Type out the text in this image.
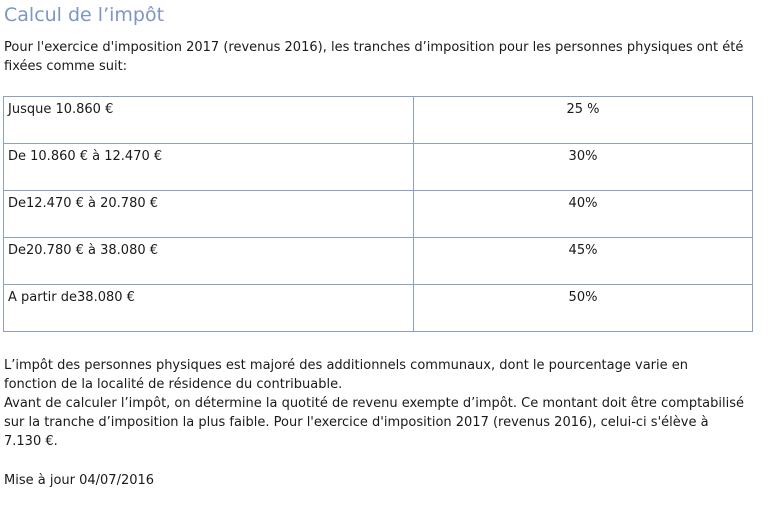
Calcul de l’impôt

Pour l'exercice d'imposition 2017 (revenus 2016), les tranches d’imposition pour les personnes physiques ont été fixées comme suit:

Jusque 10.860 €	25 %
De 10.860 € à 12.470 €	30%
De12.470 € à 20.780 €	40%
De20.780 € à 38.080 €	45%
A partir de38.080 €	50%

L’impôt des personnes physiques est majoré des additionnels communaux, dont le pourcentage varie en fonction de la localité de résidence du contribuable.

Avant de calculer l’impôt, on détermine la quotité de revenu exempte d’impôt. Ce montant doit être comptabilisé sur la tranche d’imposition la plus faible. Pour l'exercice d'imposition 2017 (revenus 2016), celui-ci s'élève à 7.130 €.

Mise à jour 04/07/2016
